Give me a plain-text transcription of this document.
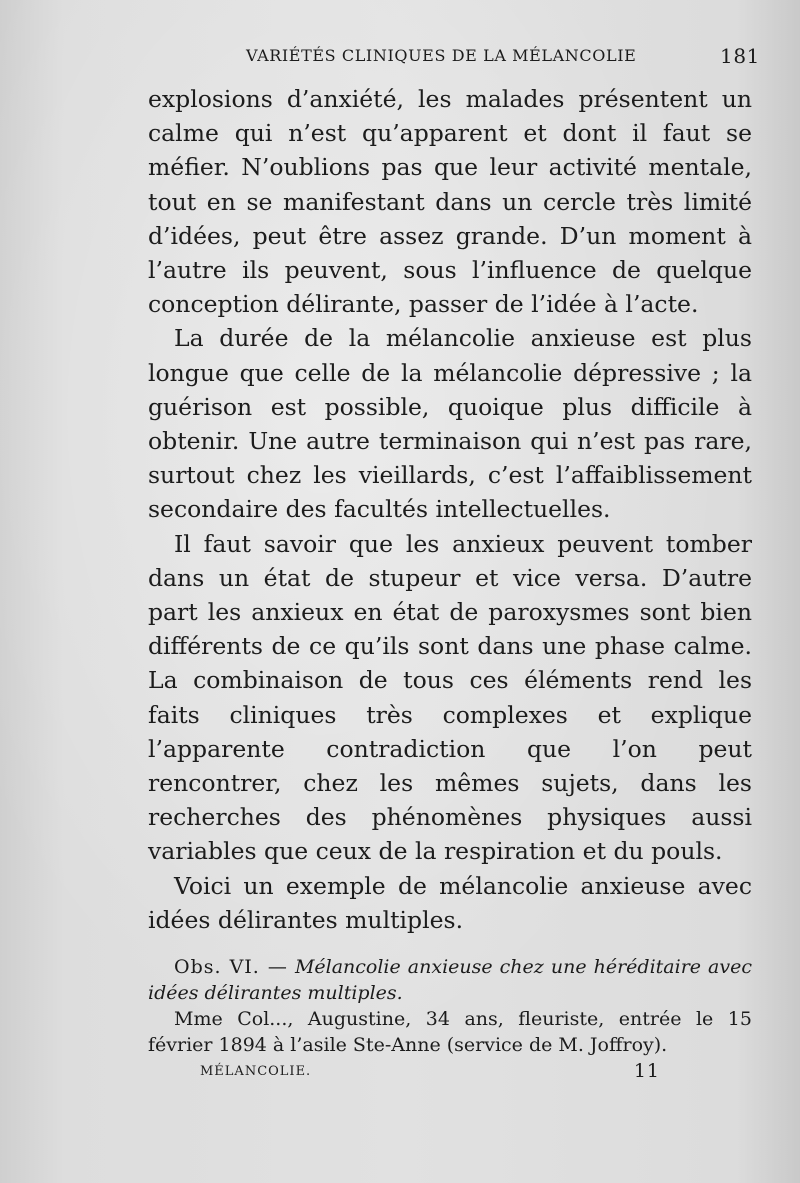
VARIÉTÉS CLINIQUES DE LA MÉLANCOLIE	181

explosions d’anxiété, les malades présentent un calme qui n’est qu’apparent et dont il faut se méfier. N’oublions pas que leur activité mentale, tout en se manifestant dans un cercle très limité d’idées, peut être assez grande. D’un moment à l’autre ils peuvent, sous l’influence de quelque conception délirante, passer de l’idée à l’acte.

La durée de la mélancolie anxieuse est plus longue que celle de la mélancolie dépressive ; la guérison est possible, quoique plus difficile à obtenir. Une autre terminaison qui n’est pas rare, surtout chez les vieillards, c’est l’affaiblissement secondaire des facultés intellectuelles.

Il faut savoir que les anxieux peuvent tomber dans un état de stupeur et vice versa. D’autre part les anxieux en état de paroxysmes sont bien différents de ce qu’ils sont dans une phase calme. La combinaison de tous ces éléments rend les faits cliniques très complexes et explique l’apparente contradiction que l’on peut rencontrer, chez les mêmes sujets, dans les recherches des phénomènes physiques aussi variables que ceux de la respiration et du pouls.

Voici un exemple de mélancolie anxieuse avec idées délirantes multiples.

Obs. VI. — Mélancolie anxieuse chez une héréditaire avec idées délirantes multiples.

Mme Col..., Augustine, 34 ans, fleuriste, entrée le 15 février 1894 à l’asile Ste-Anne (service de M. Joffroy).

MÉLANCOLIE.	11
